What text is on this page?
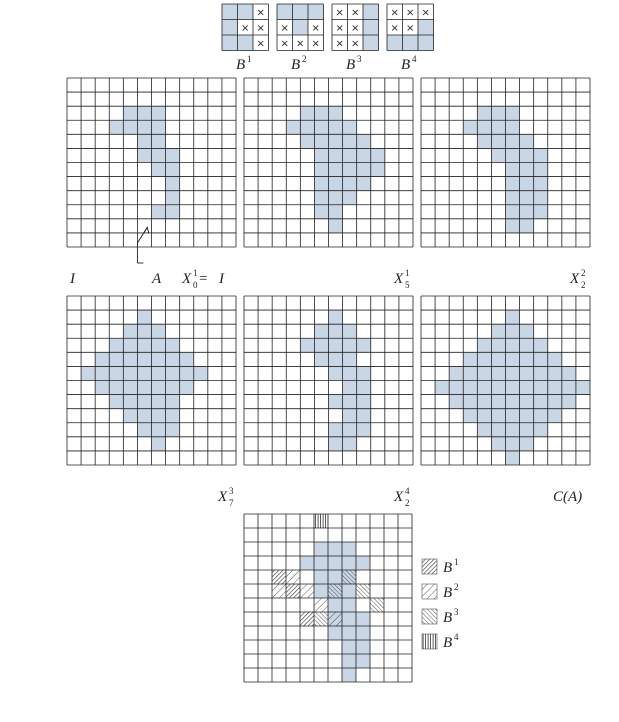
×
× ×
×
B 1
× ×
× × ×
B 2
× ×
× ×
× ×
B 3
× × ×
× ×
B 4
I	A X 1
0 = I	X 1
5	X 2
2
X 3
7	X 4
2	C(A)
B 1
B 2
B 3
B 4
